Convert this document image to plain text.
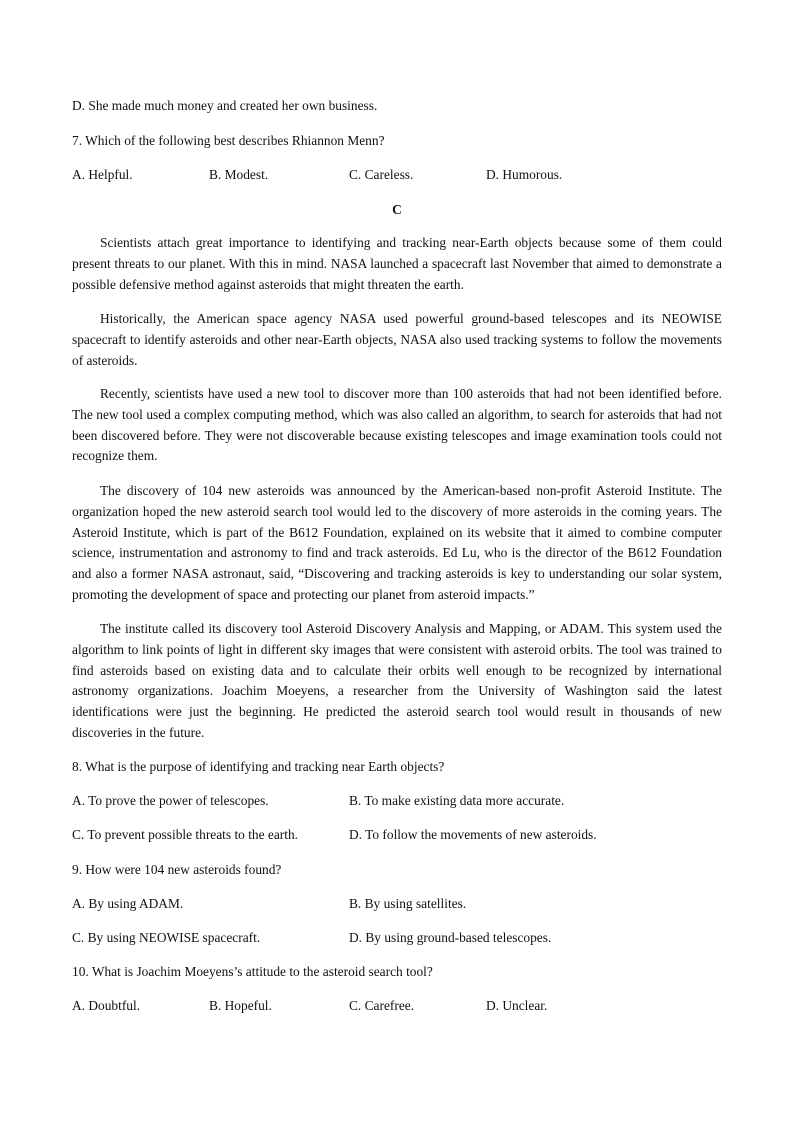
D. She made much money and created her own business.

7. Which of the following best describes Rhiannon Menn?

A. Helpful.	B. Modest.	C. Careless.	D. Humorous.
C

Scientists attach great importance to identifying and tracking near-Earth objects because some of them could present threats to our planet. With this in mind. NASA launched a spacecraft last November that aimed to demonstrate a possible defensive method against asteroids that might threaten the earth.

Historically, the American space agency NASA used powerful ground-based telescopes and its NEOWISE spacecraft to identify asteroids and other near-Earth objects, NASA also used tracking systems to follow the movements of asteroids.

Recently, scientists have used a new tool to discover more than 100 asteroids that had not been identified before. The new tool used a complex computing method, which was also called an algorithm, to search for asteroids that had not been discovered before. They were not discoverable because existing telescopes and image examination tools could not recognize them.

The discovery of 104 new asteroids was announced by the American-based non-profit Asteroid Institute. The organization hoped the new asteroid search tool would led to the discovery of more asteroids in the coming years. The Asteroid Institute, which is part of the B612 Foundation, explained on its website that it aimed to combine computer science, instrumentation and astronomy to find and track asteroids. Ed Lu, who is the director of the B612 Foundation and also a former NASA astronaut, said, “Discovering and tracking asteroids is key to understanding our solar system, promoting the development of space and protecting our planet from asteroid impacts.”

The institute called its discovery tool Asteroid Discovery Analysis and Mapping, or ADAM. This system used the algorithm to link points of light in different sky images that were consistent with asteroid orbits. The tool was trained to find asteroids based on existing data and to calculate their orbits well enough to be recognized by international astronomy organizations. Joachim Moeyens, a researcher from the University of Washington said the latest identifications were just the beginning. He predicted the asteroid search tool would result in thousands of new discoveries in the future.

8. What is the purpose of identifying and tracking near Earth objects?

A. To prove the power of telescopes.	B. To make existing data more accurate.
C. To prevent possible threats to the earth.	D. To follow the movements of new asteroids.

9. How were 104 new asteroids found?

A. By using ADAM.	B. By using satellites.
C. By using NEOWISE spacecraft.	D. By using ground-based telescopes.

10. What is Joachim Moeyens’s attitude to the asteroid search tool?

A. Doubtful.	B. Hopeful.	C. Carefree.	D. Unclear.
